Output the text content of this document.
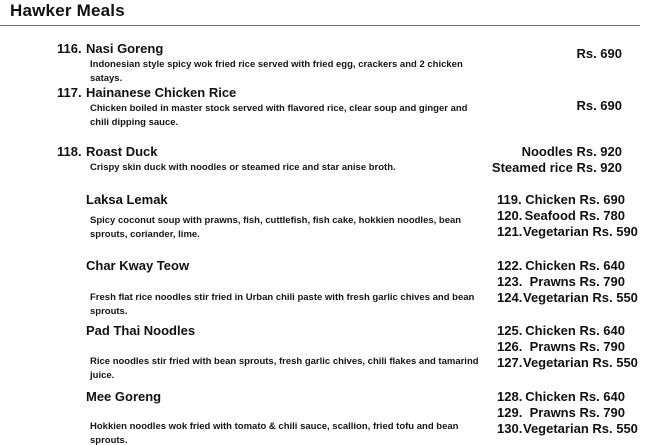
Hawker Meals
116. Nasi Goreng
Indonesian style spicy wok fried rice served with fried egg, crackers and 2 chicken satays.
Rs. 690
117. Hainanese Chicken Rice
Chicken boiled in master stock served with flavored rice, clear soup and ginger and chili dipping sauce.
Rs. 690
118. Roast Duck
Crispy skin duck with noodles or steamed rice and star anise broth.
Noodles Rs. 920
Steamed rice Rs. 920
Laksa Lemak
Spicy coconut soup with prawns, fish, cuttlefish, fish cake, hokkien noodles, bean sprouts, coriander, lime.
119. Chicken Rs. 690
120. Seafood Rs. 780
121. Vegetarian Rs. 590
Char Kway Teow
Fresh flat rice noodles stir fried in Urban chili paste with fresh garlic chives and bean sprouts.
122. Chicken Rs. 640
123. Prawns Rs. 790
124. Vegetarian Rs. 550
Pad Thai Noodles
Rice noodles stir fried with bean sprouts, fresh garlic chives, chili flakes and tamarind juice.
125. Chicken Rs. 640
126. Prawns Rs. 790
127. Vegetarian Rs. 550
Mee Goreng
Hokkien noodles wok fried with tomato & chili sauce, scallion, fried tofu and bean sprouts.
128. Chicken Rs. 640
129. Prawns Rs. 790
130. Vegetarian Rs. 550
